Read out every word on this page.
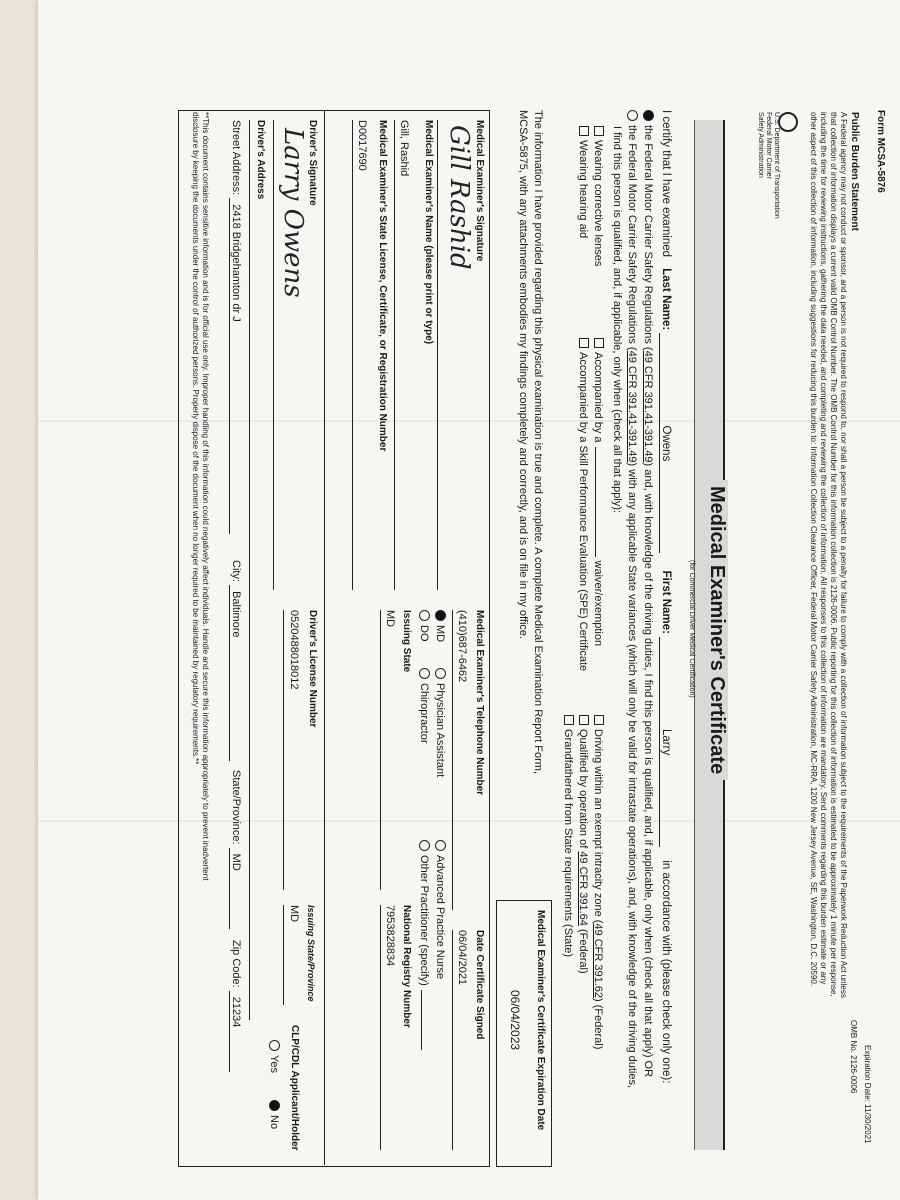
Form MCSA-5876
Expiration Date: 11/30/2021
OMB No. 2126-0006
Public Burden Statement
A Federal agency may not conduct or sponsor, and a person is not required to respond to, nor shall a person be subject to a penalty for failure to comply with a collection of information subject to the requirements of the Paperwork Reduction Act unless
that collection of information displays a current valid OMB Control Number. The OMB Control Number for this information collection is 2126-0006. Public reporting for this collection of information is estimated to be approximately 1 minute per response,
including the time for reviewing instructions, gathering the data needed, and completing and reviewing the collection of information. All responses to this collection of information are mandatory. Send comments regarding this burden estimate or any
other aspect of this collection of information, including suggestions for reducing this burden to: Information Collection Clearance Officer, Federal Motor Carrier Safety Administration, MC-RRA, 1200 New Jersey Avenue, SE, Washington, D.C. 20590.
U.S. Department of Transportation
Federal Motor Carrier
Safety Administration
Medical Examiner's Certificate
(for Commercial Driver Medical Certification)
I certify that I have examined Last Name: Owens First Name: Larry in accordance with (please check only one):
the Federal Motor Carrier Safety Regulations (49 CFR 391.41-391.49) and, with knowledge of the driving duties, I find this person is qualified, and, if applicable, only when (check all that apply) OR
the Federal Motor Carrier Safety Regulations (49 CFR 391.41-391.49) with any applicable State variances (which will only be valid for intrastate operations), and, with knowledge of the driving duties,
I find this person is qualified, and, if applicable, only when (check all that apply):
Wearing corrective lenses
Wearing hearing aid
Accompanied by awaiver/exemption
Accompanied by a Skill Performance Evaluation (SPE) Certificate
Driving within an exempt intracity zone (49 CFR 391.62) (Federal)
Qualified by operation of 49 CFR 391.64 (Federal)
Grandfathered from State requirements (State)
The information I have provided regarding this physical examination is true and complete. A complete Medical Examination Report Form,
MCSA-5875, with any attachments embodies my findings completely and correctly, and is on file in my office.
Medical Examiner's Certificate Expiration Date
06/04/2023
Medical Examiner's Signature
Gill Rashid
Medical Examiner's Telephone Number
(410)687-6462
Date Certificate Signed
06/04/2021
Medical Examiner's Name (please print or type)
Gill, Rashid
MD
DO
Physician Assistant
Chiropractor
Advanced Practice Nurse
Other Practitioner (specify)
Issuing State
MD
National Registry Number
7953828834
Medical Examiner's State License, Certificate, or Registration Number
D0017690
Driver's Signature
Larry Owens
Driver's License Number
0520488018012
Issuing State/Province
MD
CLP/CDL Applicant/Holder
Yes
No
Driver's Address
Street Address: 2418 Bridgehamton dr J
City: Baltimore
State/Province: MD
Zip Code: 21234
**This document contains sensitive information and is for official use only. Improper handling of this information could negatively affect individuals. Handle and secure this information appropriately to prevent inadvertent
disclosure by keeping the documents under the control of authorized persons. Properly dispose of the document when no longer required to be maintained by regulatory requirements.**
